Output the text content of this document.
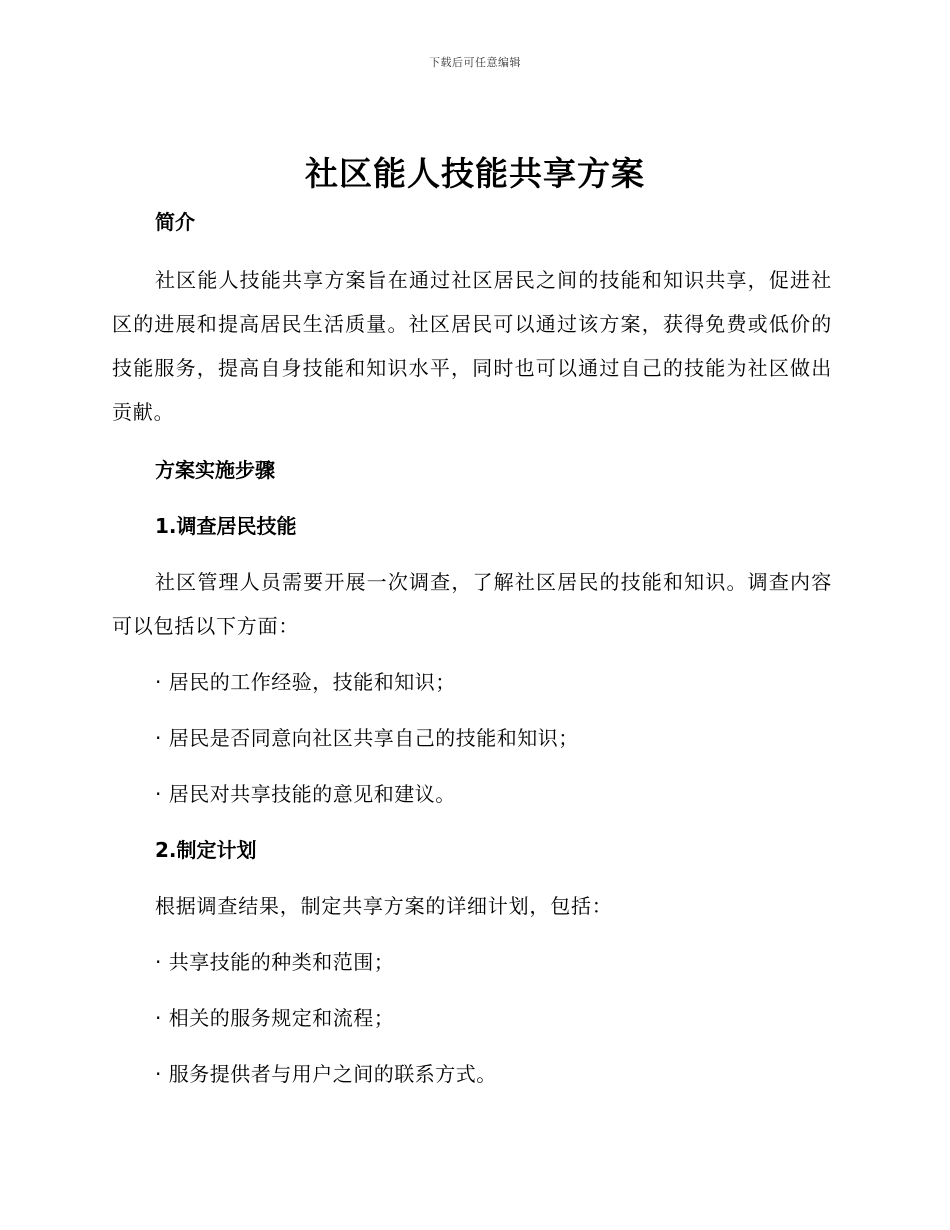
下载后可任意编辑
社区能人技能共享方案

简介

社区能人技能共享方案旨在通过社区居民之间的技能和知识共享，促进社区的进展和提高居民生活质量。社区居民可以通过该方案，获得免费或低价的技能服务，提高自身技能和知识水平，同时也可以通过自己的技能为社区做出贡献。

方案实施步骤

1.调查居民技能

社区管理人员需要开展一次调查，了解社区居民的技能和知识。调查内容可以包括以下方面：

· 居民的工作经验，技能和知识；

· 居民是否同意向社区共享自己的技能和知识；

· 居民对共享技能的意见和建议。

2.制定计划

根据调查结果，制定共享方案的详细计划，包括：

· 共享技能的种类和范围；

· 相关的服务规定和流程；

· 服务提供者与用户之间的联系方式。
